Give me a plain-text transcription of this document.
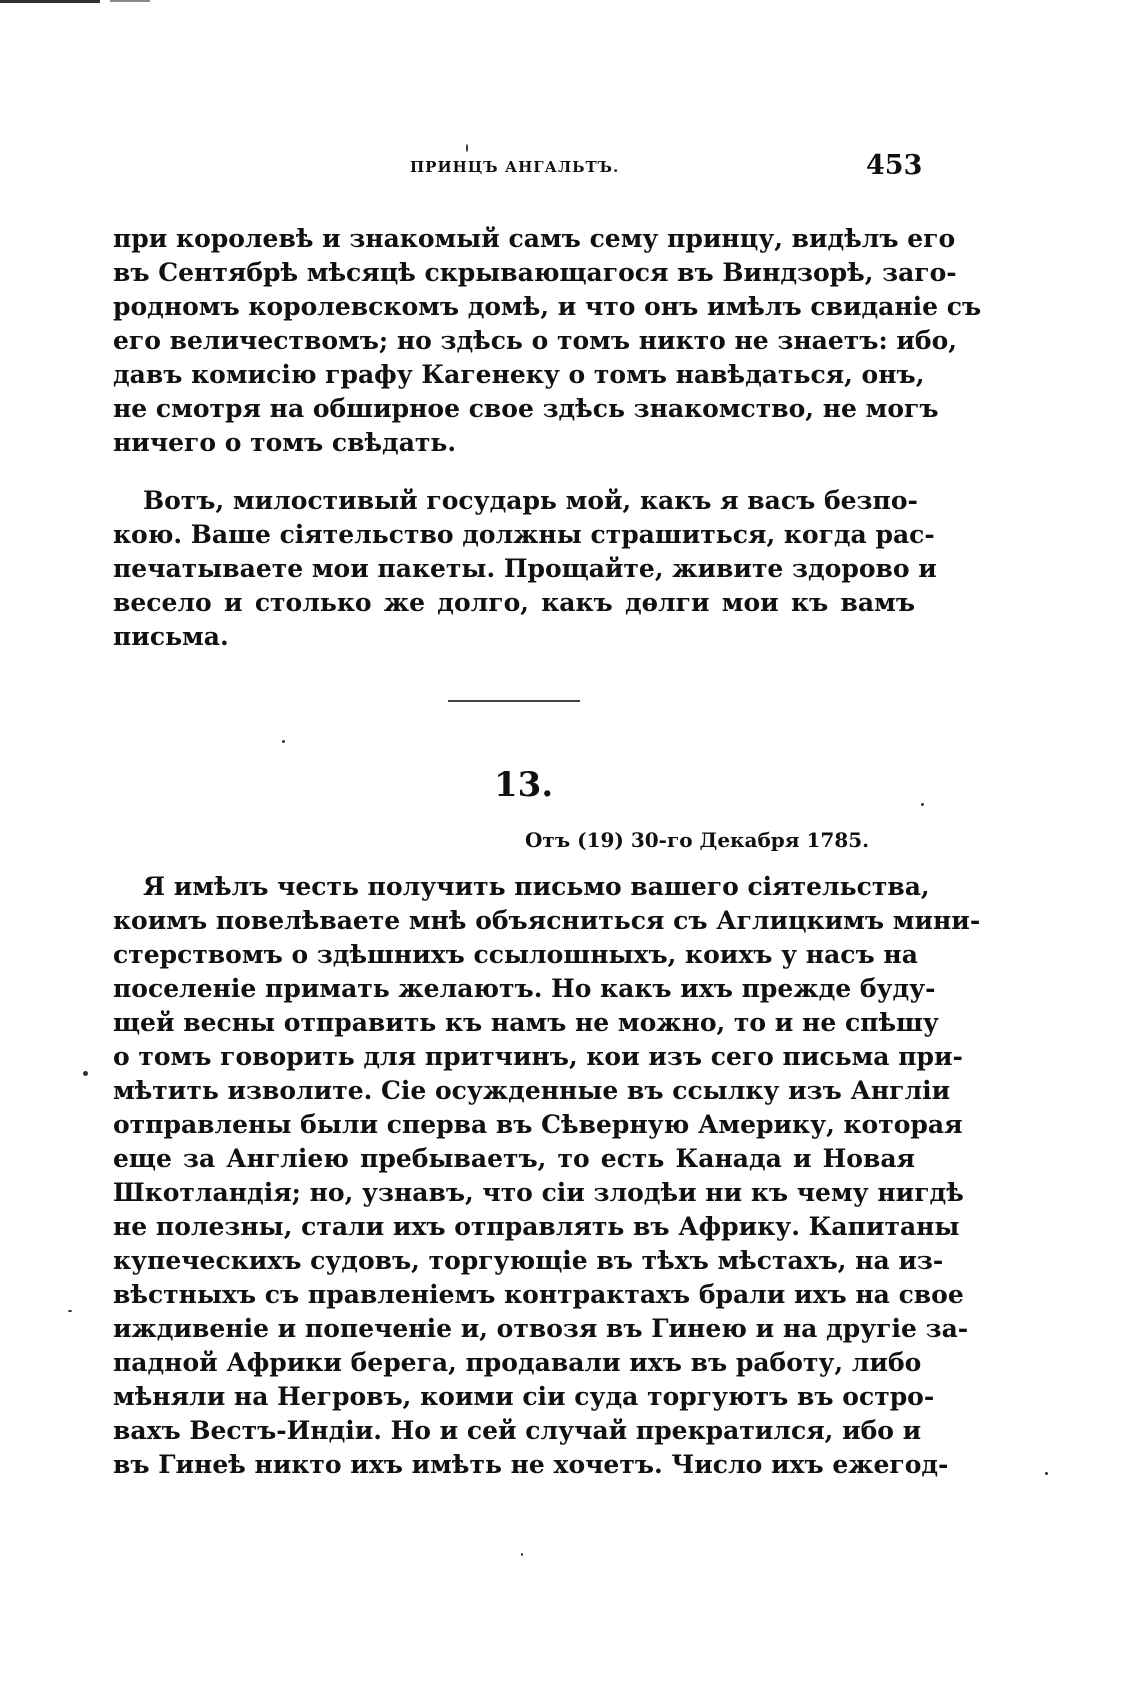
ПРИНЦЪ АНГАЛЬТЪ.	453
при королевѣ и знакомый самъ сему принцу, видѣлъ его
въ Сентябрѣ мѣсяцѣ скрывающагося въ Виндзорѣ, заго-
родномъ королевскомъ домѣ, и что онъ имѣлъ свиданіе съ
его величествомъ; но здѣсь о томъ никто не знаетъ: ибо,
давъ комисію графу Кагенеку о томъ навѣдаться, онъ,
не смотря на обширное свое здѣсь знакомство, не могъ
ничего о томъ свѣдать.
Вотъ, милостивый государь мой, какъ я васъ безпо-
кою. Ваше сіятельство должны страшиться, когда рас-
печатываете мои пакеты. Прощайте, живите здорово и
весело и столько же долго, какъ дѳлги мои къ вамъ
письма.
13.
Отъ (19) 30-го Декабря 1785.
Я имѣлъ честь получить письмо вашего сіятельства,
коимъ повелѣваете мнѣ объясниться съ Аглицкимъ мини-
стерствомъ о здѣшнихъ ссылошныхъ, коихъ у насъ на
поселеніе примать желаютъ. Но какъ ихъ прежде буду-
щей весны отправить къ намъ не можно, то и не спѣшу
о томъ говорить для притчинъ, кои изъ сего письма при-
мѣтить изволите. Сіе осужденные въ ссылку изъ Англіи
отправлены были сперва въ Сѣверную Америку, которая
еще за Англіею пребываетъ, то есть Канада и Новая
Шкотландія; но, узнавъ, что сіи злодѣи ни къ чему нигдѣ
не полезны, стали ихъ отправлять въ Африку. Капитаны
купеческихъ судовъ, торгующіе въ тѣхъ мѣстахъ, на из-
вѣстныхъ съ правленіемъ контрактахъ брали ихъ на свое
иждивеніе и попеченіе и, отвозя въ Гинею и на другіе за-
падной Африки берега, продавали ихъ въ работу, либо
мѣняли на Негровъ, коими сіи суда торгуютъ въ остро-
вахъ Вестъ-Индіи. Но и сей случай прекратился, ибо и
въ Гинеѣ никто ихъ имѣть не хочетъ. Число ихъ ежегод-
